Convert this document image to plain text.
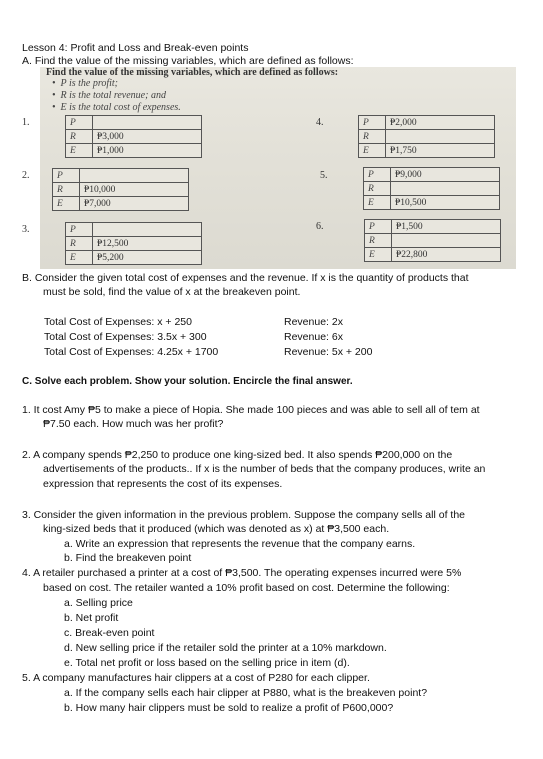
Lesson 4: Profit and Loss and Break-even points
A. Find the value of the missing variables, which are defined as follows:
Find the value of the missing variables, which are defined as follows:
•  P is the profit;
•  R is the total revenue; and
•  E is the total cost of expenses.
1.	P	
R	₱3,000
E	₱1,000
4.	P	₱2,000
R	
E	₱1,750
2.	P	
R	₱10,000
E	₱7,000
5.	P	₱9,000
R	
E	₱10,500
3.	P	
R	₱12,500
E	₱5,200
6.	P	₱1,500
R	
E	₱22,800
B. Consider the given total cost of expenses and the revenue. If x is the quantity of products that
must be sold, find the value of x at the breakeven point.
Total Cost of Expenses: x + 250	Revenue: 2x
Total Cost of Expenses: 3.5x + 300	Revenue: 6x
Total Cost of Expenses: 4.25x + 1700	Revenue: 5x + 200
C. Solve each problem. Show your solution. Encircle the final answer.
1. It cost Amy ₱5 to make a piece of Hopia. She made 100 pieces and was able to sell all of tem at
₱7.50 each. How much was her profit?
2. A company spends ₱2,250 to produce one king-sized bed. It also spends ₱200,000 on the
advertisements of the products.. If x is the number of beds that the company produces, write an
expression that represents the cost of its expenses.
3. Consider the given information in the previous problem. Suppose the company sells all of the
king-sized beds that it produced (which was denoted as x) at ₱3,500 each.
a. Write an expression that represents the revenue that the company earns.
b. Find the breakeven point
4. A retailer purchased a printer at a cost of ₱3,500. The operating expenses incurred were 5%
based on cost. The retailer wanted a 10% profit based on cost. Determine the following:
a. Selling price
b. Net profit
c. Break-even point
d. New selling price if the retailer sold the printer at a 10% markdown.
e. Total net profit or loss based on the selling price in item (d).
5. A company manufactures hair clippers at a cost of P280 for each clipper.
a. If the company sells each hair clipper at P880, what is the breakeven point?
b. How many hair clippers must be sold to realize a profit of P600,000?
